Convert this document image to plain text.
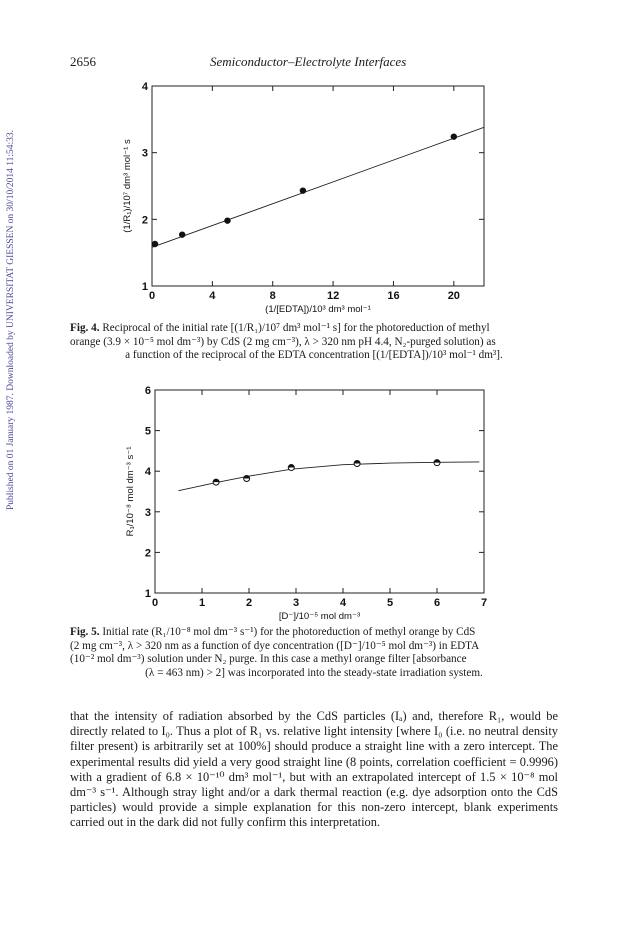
2656	Semiconductor–Electrolyte Interfaces
Published on 01 January 1987. Downloaded by UNIVERSITAT GIESSEN on 30/10/2014 11:54:33.	0	4	8	12	16	20
1
2
3
4
(1/[EDTA])/10³ dm³ mol⁻¹
(1/R₁)/10⁷ dm³ mol⁻¹ s
0	1	2	3	4	5	6	7
1
2
3
4
5
6
[D⁻]/10⁻⁵ mol dm⁻³
R₁/10⁻⁸ mol dm⁻³ s⁻¹
Fig. 4. Reciprocal of the initial rate [(1/R₁)/10⁷ dm³ mol⁻¹ s] for the photoreduction of methyl
orange (3.9 × 10⁻⁵ mol dm⁻³) by CdS (2 mg cm⁻³), λ > 320 nm pH 4.4, N₂-purged solution) as
a function of the reciprocal of the EDTA concentration [(1/[EDTA])/10³ mol⁻¹ dm³].
Fig. 5. Initial rate (R₁/10⁻⁸ mol dm⁻³ s⁻¹) for the photoreduction of methyl orange by CdS
(2 mg cm⁻³, λ > 320 nm as a function of dye concentration ([D⁻]/10⁻⁵ mol dm⁻³) in EDTA
(10⁻² mol dm⁻³) solution under N₂ purge. In this case a methyl orange filter [absorbance
(λ = 463 nm) > 2] was incorporated into the steady-state irradiation system.

that the intensity of radiation absorbed by the CdS particles (Iₐ) and, therefore R₁, would be directly related to I₀. Thus a plot of R₁ vs. relative light intensity [where I₀ (i.e. no neutral density filter present) is arbitrarily set at 100%] should produce a straight line with a zero intercept. The experimental results did yield a very good straight line (8 points, correlation coefficient = 0.9996) with a gradient of 6.8 × 10⁻¹⁰ dm³ mol⁻¹, but with an extrapolated intercept of 1.5 × 10⁻⁸ mol dm⁻³ s⁻¹. Although stray light and/or a dark thermal reaction (e.g. dye adsorption onto the CdS particles) would provide a simple explanation for this non-zero intercept, blank experiments carried out in the dark did not fully confirm this interpretation.
